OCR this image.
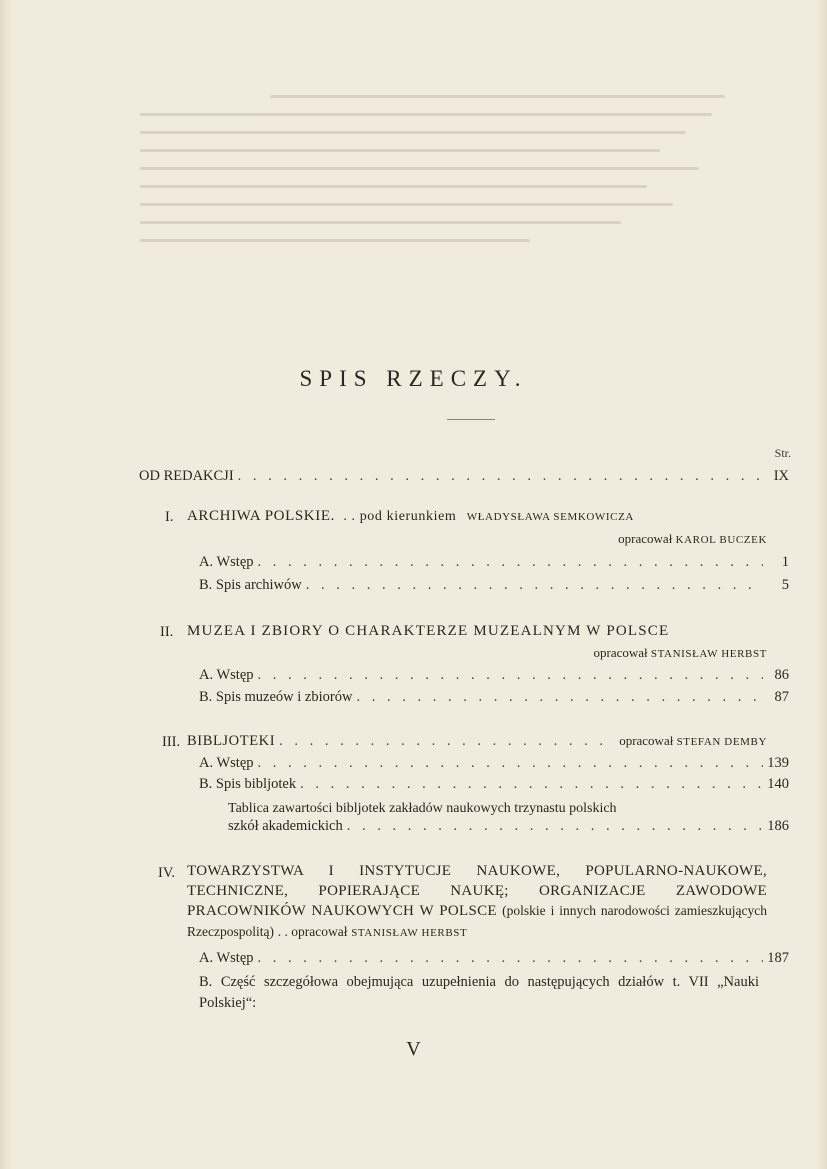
SPIS RZECZY.
Str.
OD REDAKCJI . . .	IX
I. ARCHIWA POLSKIE. . . pod kierunkiem WŁADYSŁAWA SEMKOWICZA
opracował KAROL BUCZEK
A. Wstęp . . .	1
B. Spis archiwów . . .	5
II. MUZEA I ZBIORY O CHARAKTERZE MUZEALNYM W POLSCE
opracował STANISŁAW HERBST
A. Wstęp . . .	86
B. Spis muzeów i zbiorów . . .	87
III. BIBLJOTEKI . . .	opracował STEFAN DEMBY
A. Wstęp . . .	139
B. Spis bibljotek . . .	140
Tablica zawartości bibljotek zakładów naukowych trzynastu polskich
szkół akademickich . . .	186
IV. TOWARZYSTWA I INSTYTUCJE NAUKOWE, POPULARNO-NAUKOWE, TECHNICZNE, POPIERAJĄCE NAUKĘ; ORGANIZACJE ZAWODOWE PRACOWNIKÓW NAUKOWYCH W POLSCE (polskie i innych narodowości zamieszkujących Rzeczpospolitą) . . opracował STANISŁAW HERBST
A. Wstęp . . .	187
B. Część szczegółowa obejmująca uzupełnienia do następujących działów t. VII „Nauki Polskiej“:
V
